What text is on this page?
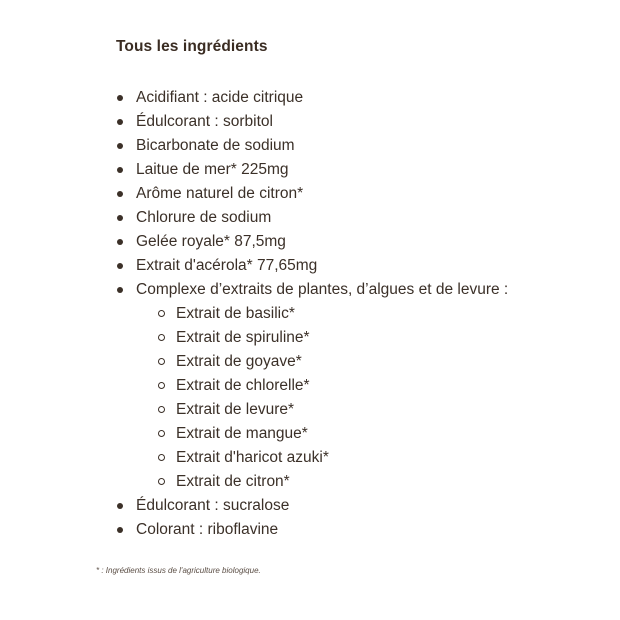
Tous les ingrédients
Acidifiant : acide citrique
Édulcorant : sorbitol
Bicarbonate de sodium
Laitue de mer* 225mg
Arôme naturel de citron*
Chlorure de sodium
Gelée royale* 87,5mg
Extrait d'acérola* 77,65mg
Complexe d’extraits de plantes, d’algues et de levure :
Extrait de basilic*
Extrait de spiruline*
Extrait de goyave*
Extrait de chlorelle*
Extrait de levure*
Extrait de mangue*
Extrait d'haricot azuki*
Extrait de citron*
Édulcorant : sucralose
Colorant : riboflavine

* : Ingrédients issus de l'agriculture biologique.
